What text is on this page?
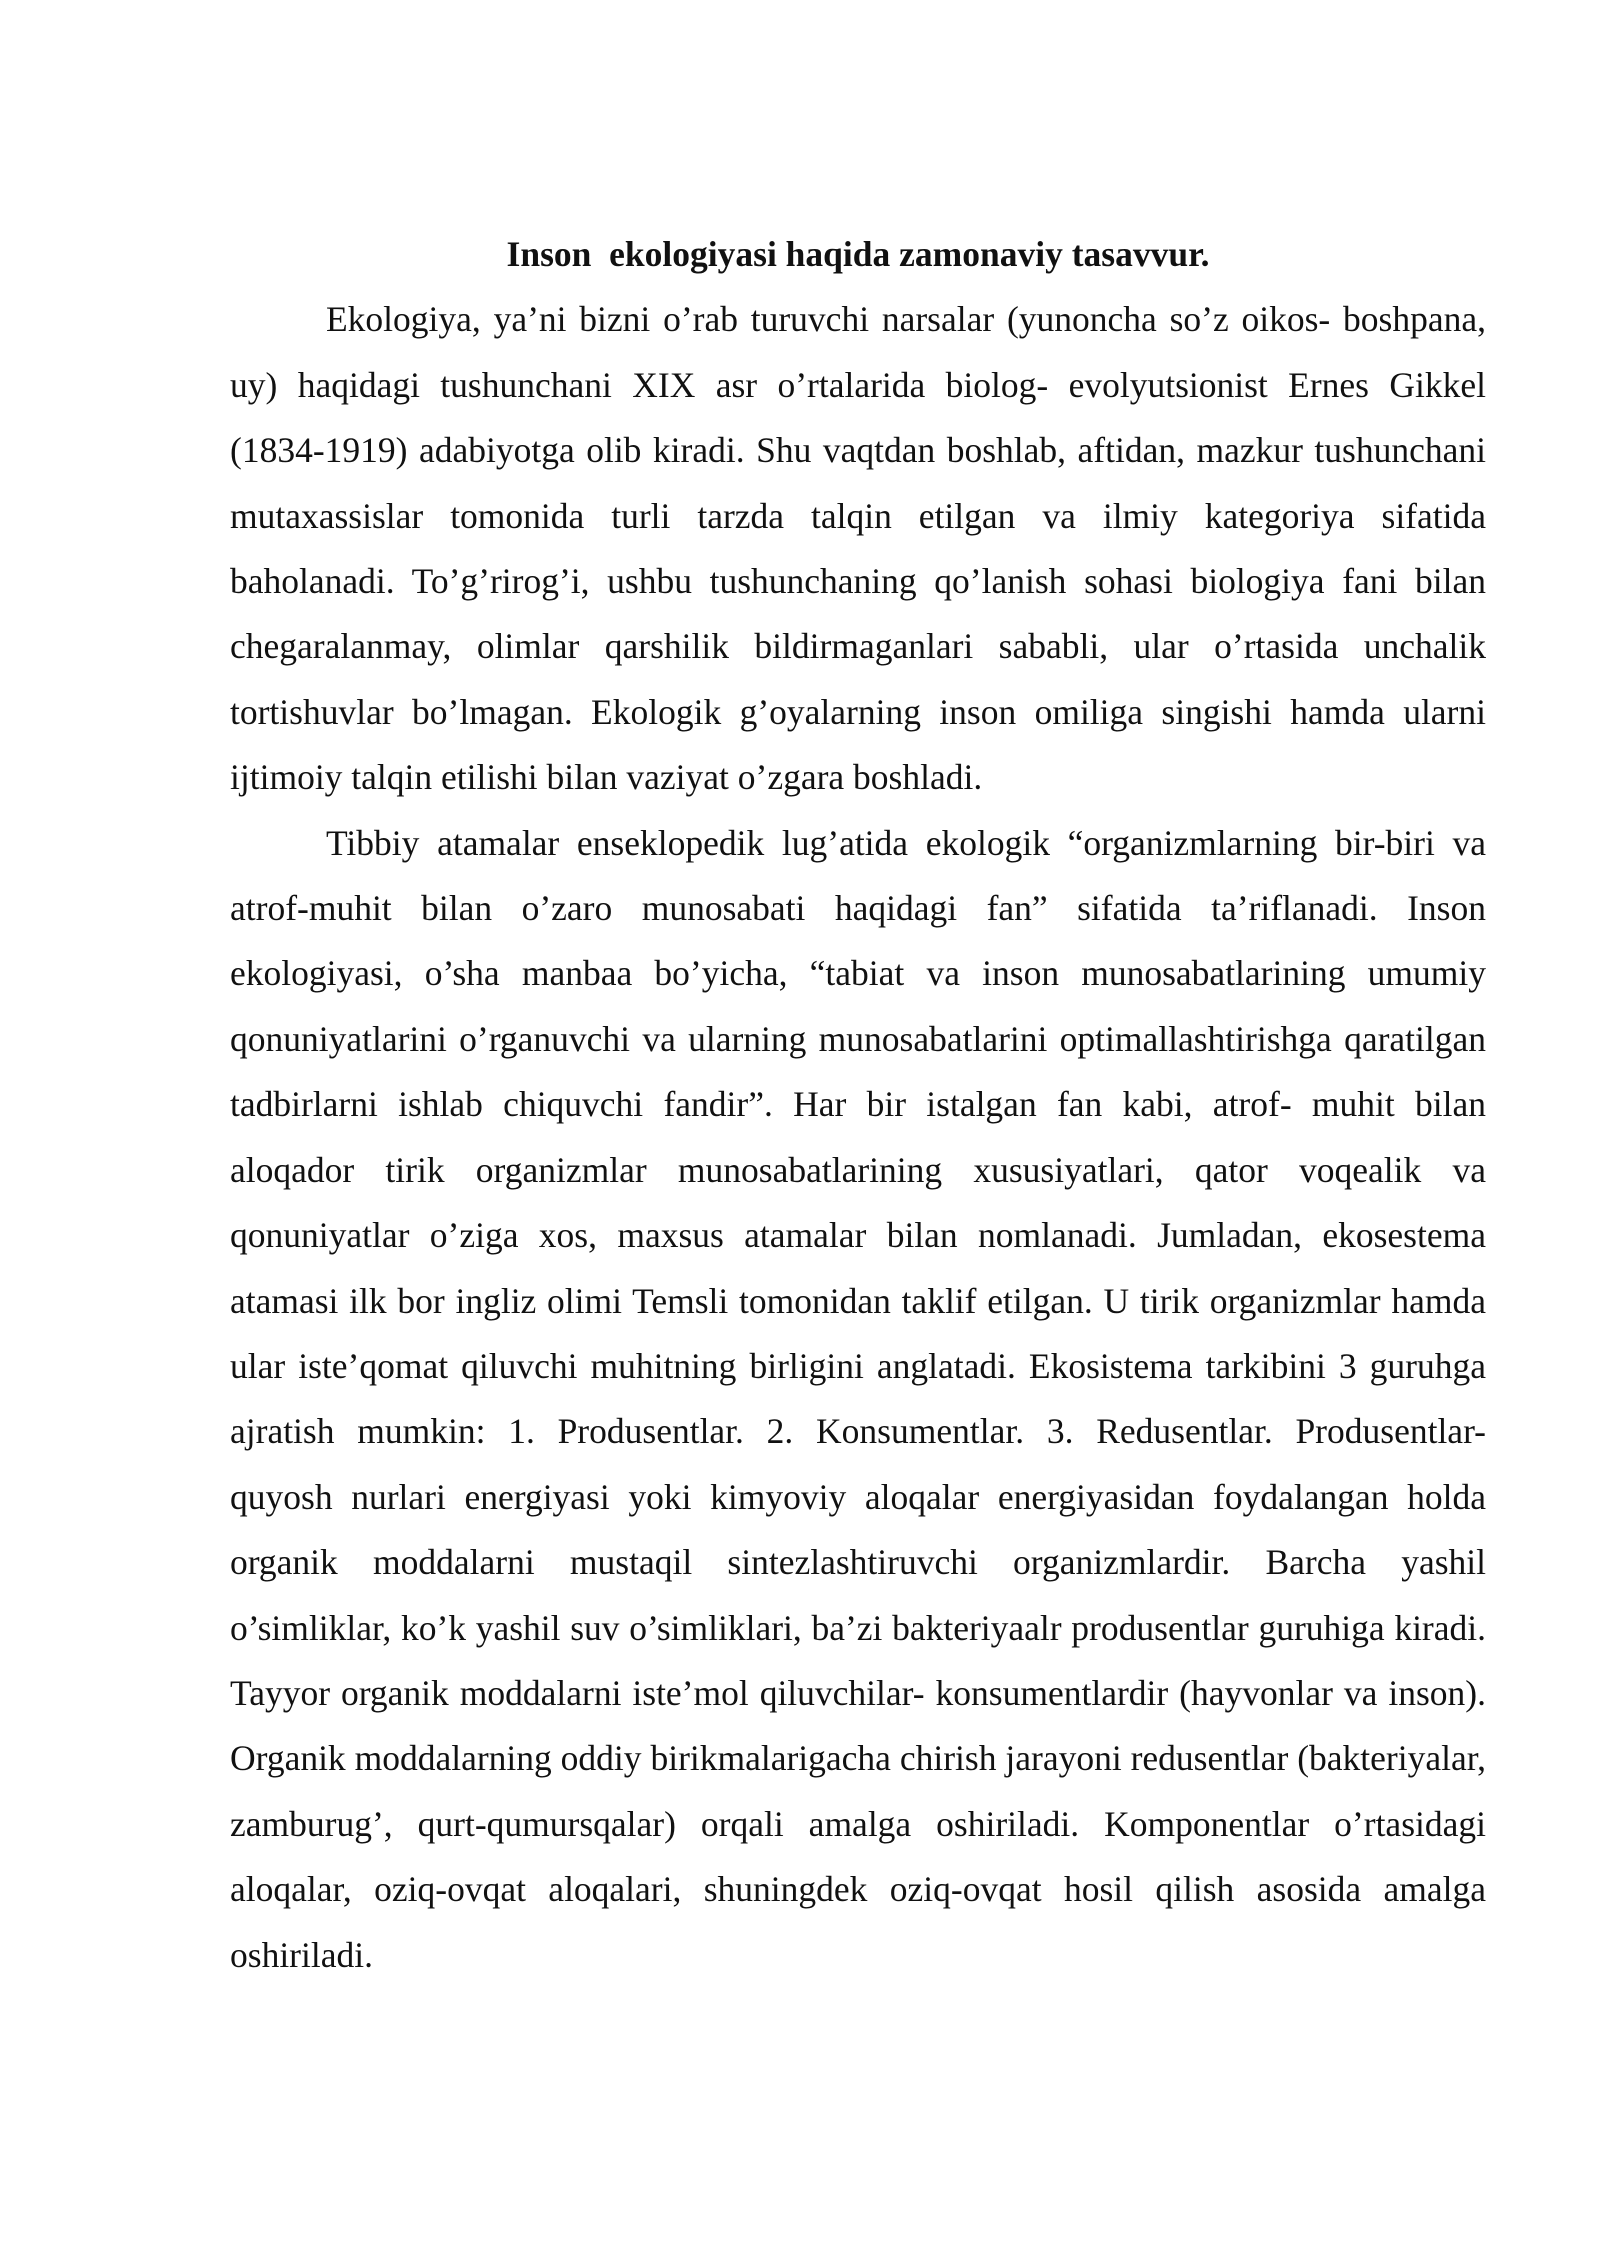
Inson  ekologiyasi haqida zamonaviy tasavvur.

Ekologiya, ya’ni bizni o’rab turuvchi narsalar (yunoncha so’z oikos- boshpana, uy) haqidagi tushunchani XIX asr o’rtalarida biolog- evolyutsionist Ernes Gikkel (1834-1919) adabiyotga olib kiradi. Shu vaqtdan boshlab, aftidan, mazkur tushunchani mutaxassislar tomonida turli tarzda talqin etilgan va ilmiy kategoriya sifatida baholanadi. To’g’rirog’i, ushbu tushunchaning qo’lanish sohasi biologiya fani bilan chegaralanmay, olimlar qarshilik bildirmaganlari sababli, ular o’rtasida unchalik tortishuvlar bo’lmagan. Ekologik g’oyalarning inson omiliga singishi hamda ularni ijtimoiy talqin etilishi bilan vaziyat o’zgara boshladi.

Tibbiy atamalar enseklopedik lug’atida ekologik “organizmlarning bir-biri va atrof-muhit bilan o’zaro munosabati haqidagi fan” sifatida ta’riflanadi. Inson ekologiyasi, o’sha manbaa bo’yicha, “tabiat va inson munosabatlarining umumiy qonuniyatlarini o’rganuvchi va ularning munosabatlarini optimallashtirishga qaratilgan tadbirlarni ishlab chiquvchi fandir”. Har bir istalgan fan kabi, atrof- muhit bilan aloqador tirik organizmlar munosabatlarining xususiyatlari, qator voqealik va qonuniyatlar o’ziga xos, maxsus atamalar bilan nomlanadi. Jumladan, ekosestema atamasi ilk bor ingliz olimi Temsli tomonidan taklif etilgan. U tirik organizmlar hamda ular iste’qomat qiluvchi muhitning birligini anglatadi. Ekosistema tarkibini 3 guruhga ajratish mumkin: 1. Produsentlar. 2. Konsumentlar. 3. Redusentlar. Produsentlar- quyosh nurlari energiyasi yoki kimyoviy aloqalar energiyasidan foydalangan holda organik moddalarni mustaqil sintezlashtiruvchi organizmlardir. Barcha yashil o’simliklar, ko’k yashil suv o’simliklari, ba’zi bakteriyaalr produsentlar guruhiga kiradi. Tayyor organik moddalarni iste’mol qiluvchilar- konsumentlardir (hayvonlar va inson). Organik moddalarning oddiy birikmalarigacha chirish jarayoni redusentlar (bakteriyalar, zamburug’, qurt-qumursqalar) orqali amalga oshiriladi. Komponentlar o’rtasidagi aloqalar, oziq-ovqat aloqalari, shuningdek oziq-ovqat hosil qilish asosida amalga oshiriladi.
